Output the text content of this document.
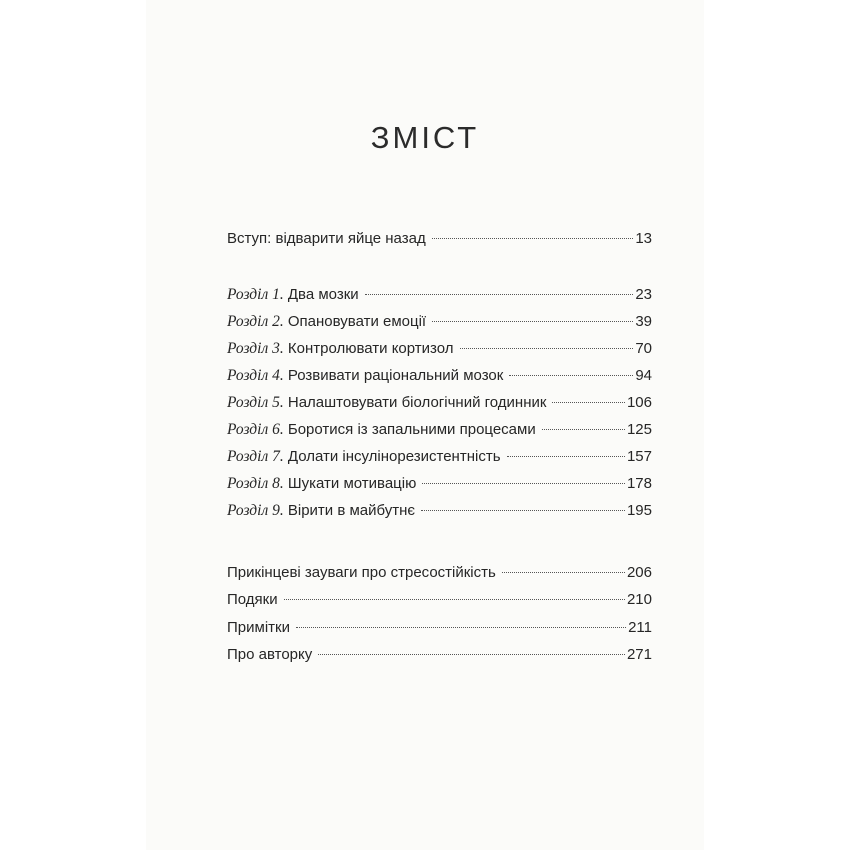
ЗМІСТ
Вступ: відварити яйце назад	13
Розділ 1. Два мозки	23
Розділ 2. Опановувати емоції	39
Розділ 3. Контролювати кортизол	70
Розділ 4. Розвивати раціональний мозок	94
Розділ 5. Налаштовувати біологічний годинник	106
Розділ 6. Боротися із запальними процесами	125
Розділ 7. Долати інсулінорезистентність	157
Розділ 8. Шукати мотивацію	178
Розділ 9. Вірити в майбутнє	195
Прикінцеві зауваги про стресостійкість	206
Подяки	210
Примітки	211
Про авторку	271
